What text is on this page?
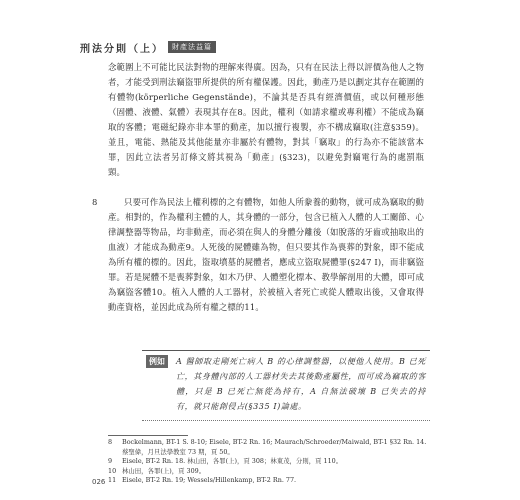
刑法分則（上）	財產法益篇
念範圍上不可能比民法對物的理解來得廣。因為，只有在民法上得以評價為他人之物者，才能受到刑法竊盜罪所提供的所有權保護。因此，動產乃是以劃定其存在範圍的有體物(körperliche Gegenstände)，不論其是否具有經濟價值，或以何種形態（固體、液體、氣體）表現其存在8。因此，權利（如請求權或專利權）不能成為竊取的客體；電磁紀錄亦非本罪的動產，加以擅行複製，亦不構成竊取(注意§359)。並且，電能、熱能及其他能量亦非屬於有體物，對其「竊取」的行為亦不能該當本罪，因此立法者另訂條文將其視為「動產」(§323)，以避免對竊電行為的處罰瓶頸。
8	只要可作為民法上權利標的之有體物，如他人所豢養的動物，就可成為竊取的動產。相對的，作為權利主體的人，其身體的一部分，包含已植入人體的人工關節、心律調整器等物品，均非動產，而必須在與人的身體分離後（如脫落的牙齒或抽取出的血液）才能成為動產9。人死後的屍體雖為物，但只要其作為喪葬的對象，即不能成為所有權的標的。因此，盜取墳墓的屍體者，應成立盜取屍體罪(§247 I)，而非竊盜罪。若是屍體不是喪葬對象，如木乃伊、人體塑化標本、教學解剖用的大體，即可成為竊盜客體10。植入人體的人工器材，於被植入者死亡或從人體取出後，又會取得動產資格，並因此成為所有權之標的11。
例如	A 醫師取走剛死亡病人 B 的心律調整器，以便他人使用。B 已死亡，其身體內部的人工器材失去其後動產屬性，而可成為竊取的客體，只是 B 已死亡無從為持有，A 自無法破壞 B 已失去的持有，就只能創侵占(§335 I)論處。
8	Bockelmann, BT-1 S. 8-10; Eisele, BT-2 Rn. 16; Maurach/Schroeder/Maiwald, BT-1 §32 Rn. 14. 蔡聖偉，月旦法學教室 73 期，頁 50。
9	Eisele, BT-2 Rn. 18. 林山田，各罪(上)，頁 308；林東茂，分則，頁 110。
10 林山田，各罪(上)，頁 309。
11 Eisele, BT-2 Rn. 19; Wessels/Hillenkamp, BT-2 Rn. 77.
026
